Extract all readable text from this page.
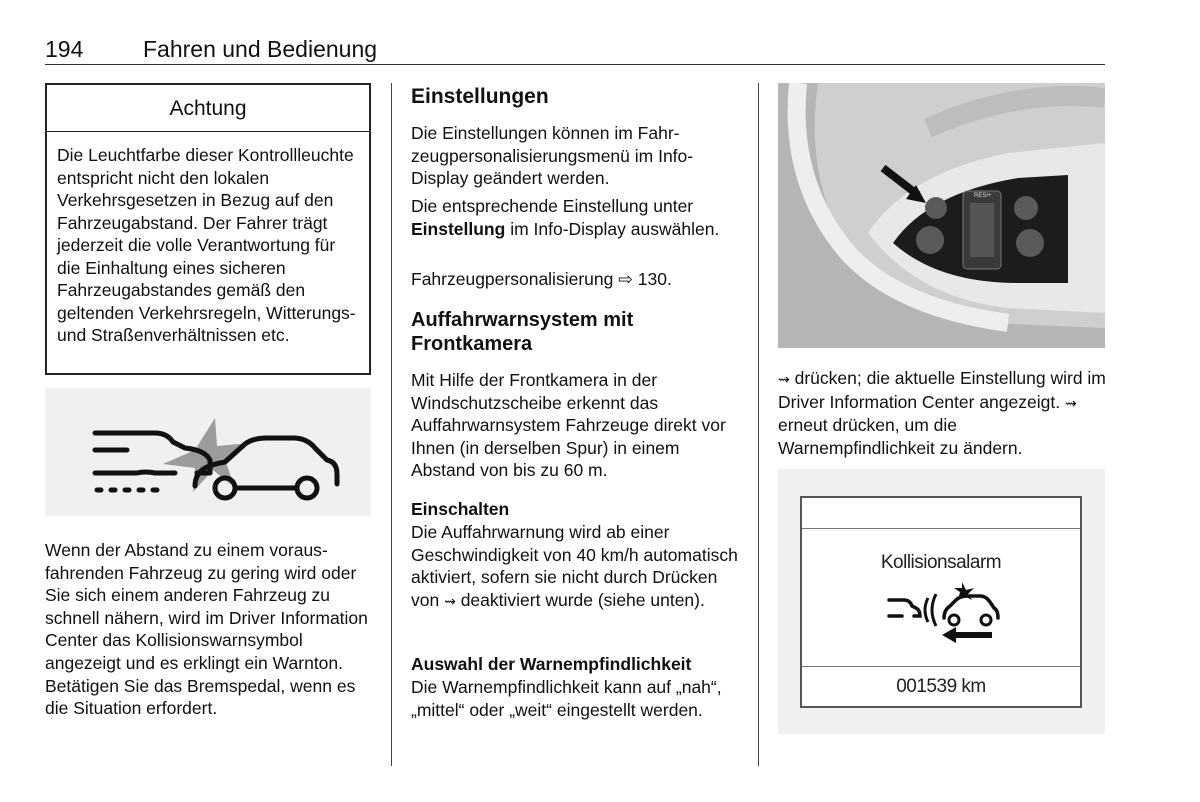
194	Fahren und Bedienung
Achtung
Die Leuchtfarbe dieser Kontrollleuchte entspricht nicht den lokalen Verkehrsgesetzen in Bezug auf den Fahrzeugabstand. Der Fahrer trägt jederzeit die volle Verantwortung für die Einhaltung eines sicheren Fahrzeugabstandes gemäß den geltenden Verkehrsregeln, Witterungs- und Straßenverhältnissen etc.
Wenn der Abstand zu einem vorausfahrenden Fahrzeug zu gering wird oder Sie sich einem anderen Fahrzeug zu schnell nähern, wird im Driver Information Center das Kollisionswarnsymbol angezeigt und es erklingt ein Warnton. Betätigen Sie das Bremspedal, wenn es die Situation erfordert.
Einstellungen
Die Einstellungen können im Fahrzeugpersonalisierungsmenü im Info-Display geändert werden.
Die entsprechende Einstellung unter Einstellung im Info-Display auswählen.
Fahrzeugpersonalisierung ⇨ 130.
Auffahrwarnsystem mit
Frontkamera
Mit Hilfe der Frontkamera in der Windschutzscheibe erkennt das Auffahrwarnsystem Fahrzeuge direkt vor Ihnen (in derselben Spur) in einem Abstand von bis zu 60 m.
Einschalten
Die Auffahrwarnung wird ab einer Geschwindigkeit von 40 km/h automatisch aktiviert, sofern sie nicht durch Drücken von ⇝ deaktiviert wurde (siehe unten).
Auswahl der Warnempfindlichkeit
Die Warnempfindlichkeit kann auf „nah“, „mittel“ oder „weit“ eingestellt werden.
RES/+
⇝ drücken; die aktuelle Einstellung wird im Driver Information Center angezeigt. ⇝ erneut drücken, um die Warnempfindlichkeit zu ändern.
Kollisionsalarm
001539 km
